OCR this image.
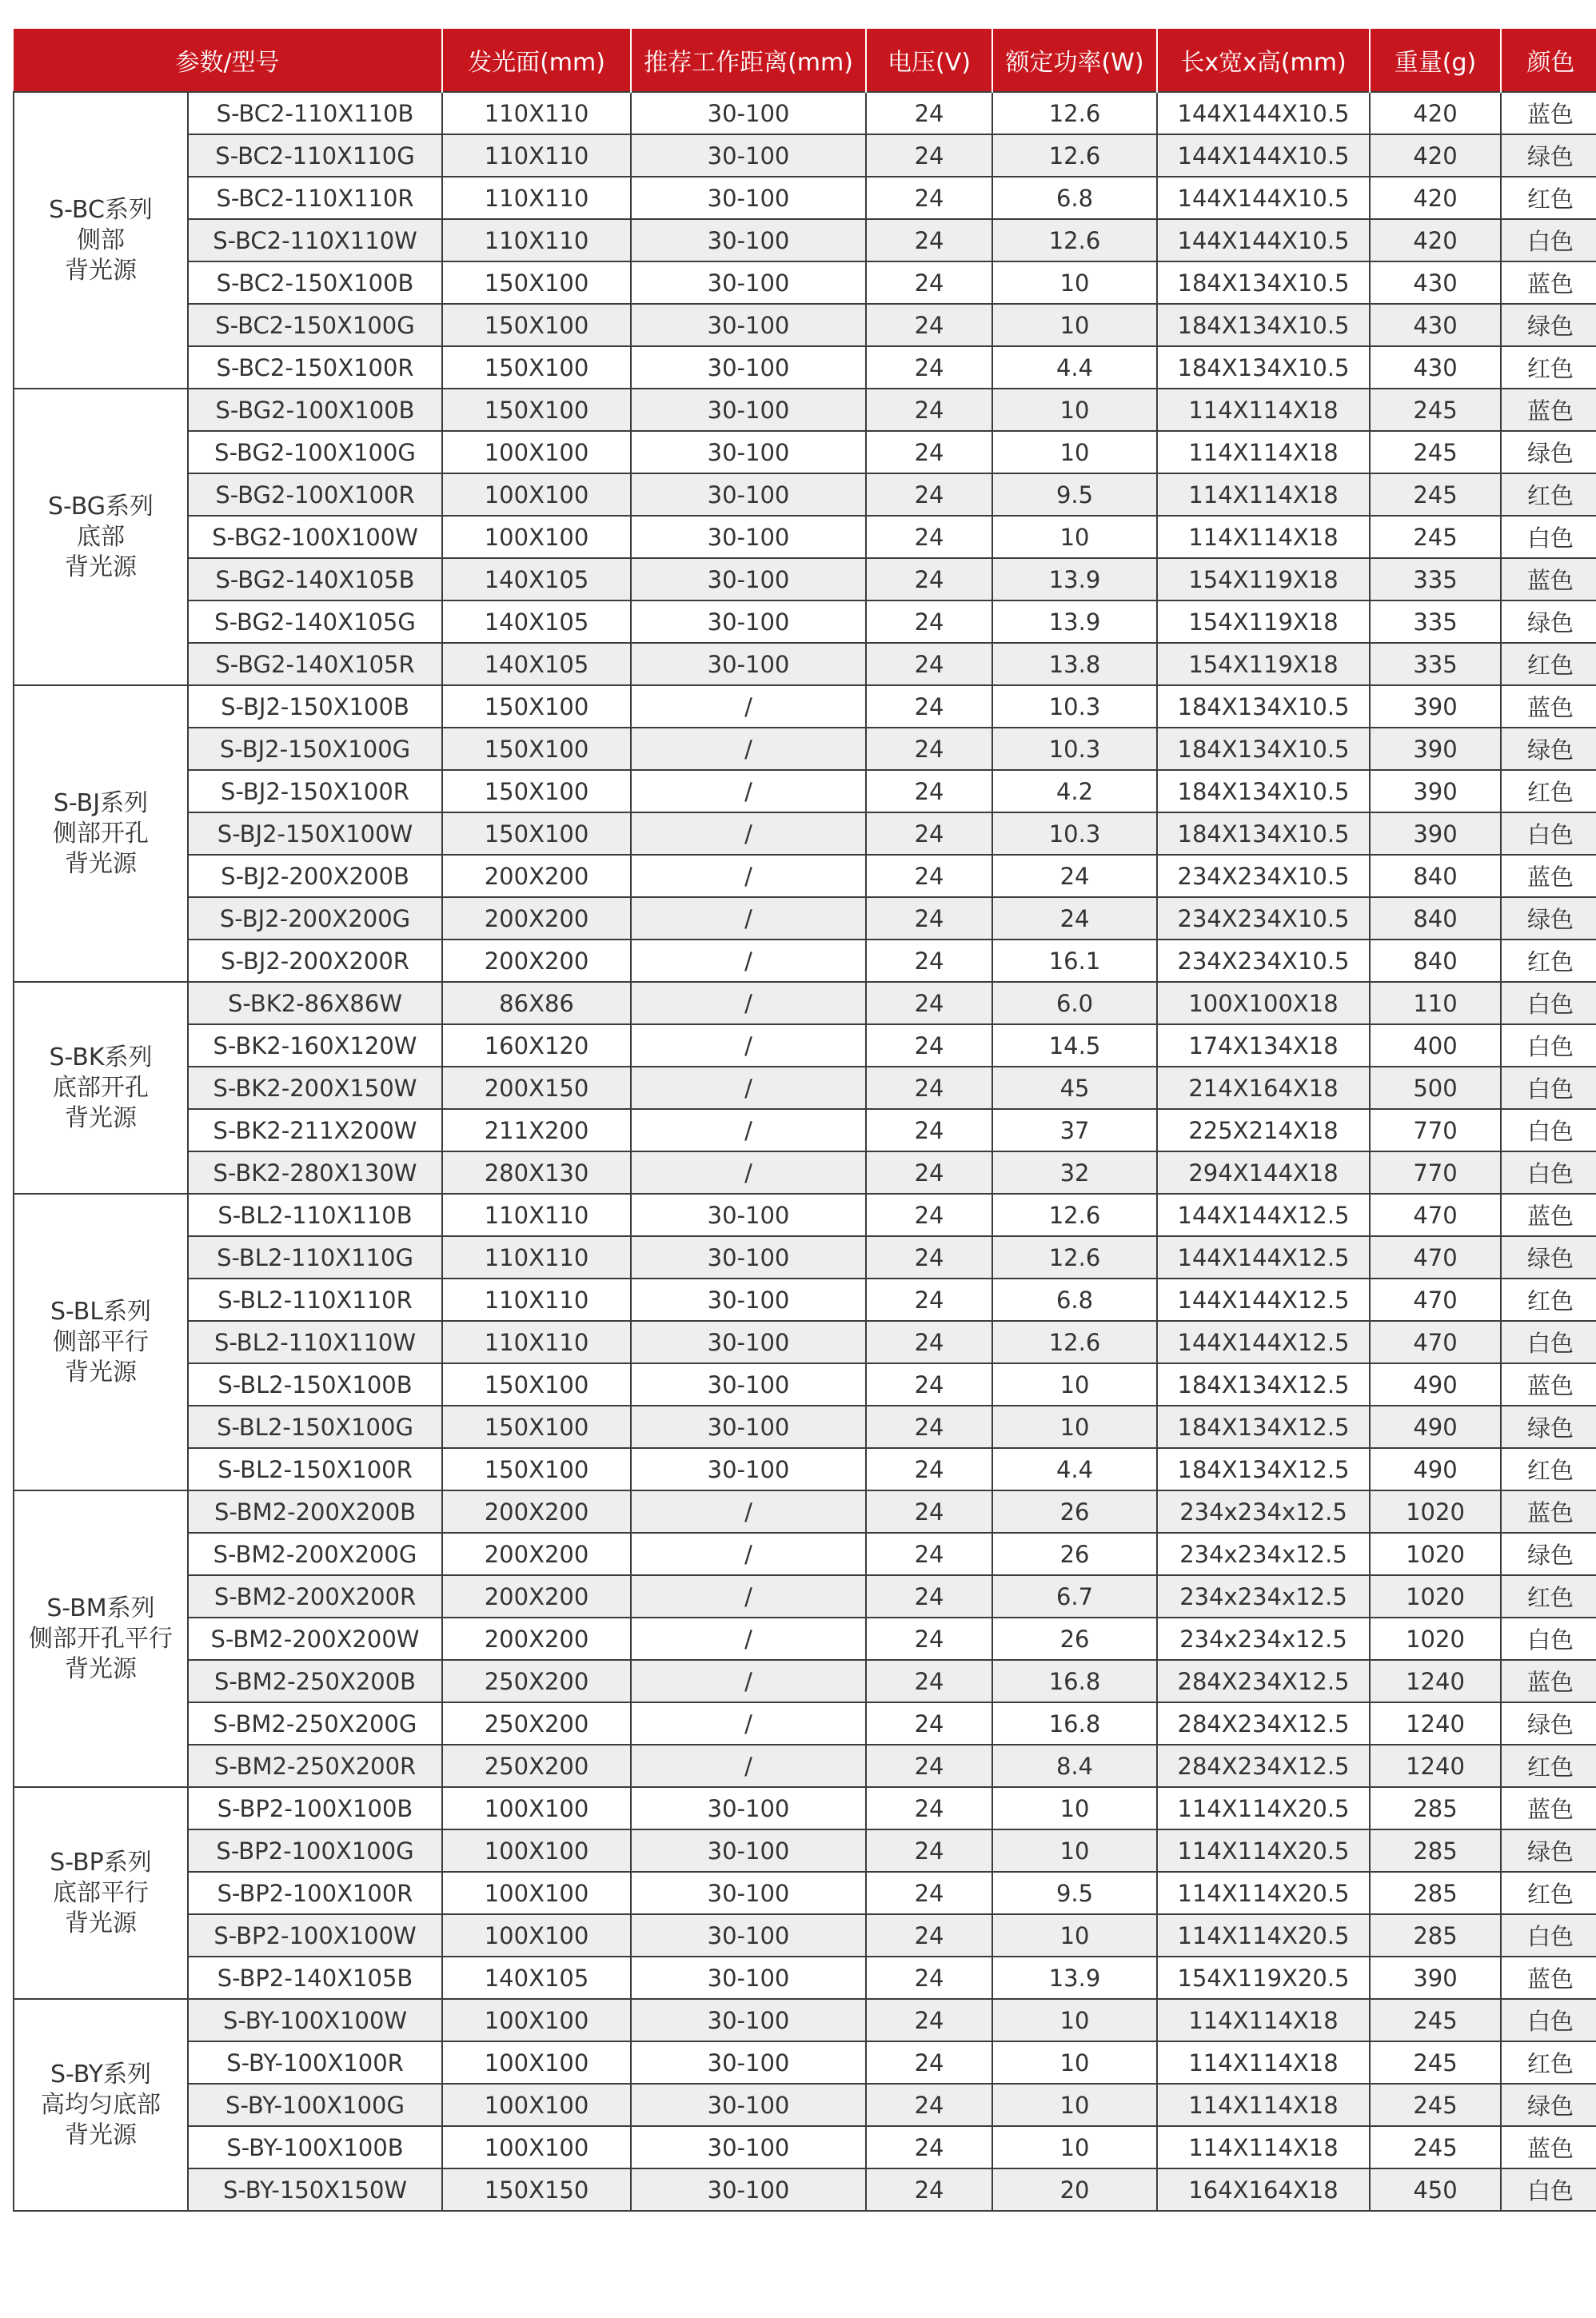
参数/型号		发光面(mm)	推荐工作距离(mm)	电压(V)	额定功率(W)	长x宽x高(mm)	重量(g)	颜色

S-BC系列
侧部
背光源	S-BC2-110X110B	110X110	30-100	24	12.6	144X144X10.5	420	蓝色
	S-BC2-110X110G	110X110	30-100	24	12.6	144X144X10.5	420	绿色
	S-BC2-110X110R	110X110	30-100	24	6.8	144X144X10.5	420	红色
	S-BC2-110X110W	110X110	30-100	24	12.6	144X144X10.5	420	白色
	S-BC2-150X100B	150X100	30-100	24	10	184X134X10.5	430	蓝色
	S-BC2-150X100G	150X100	30-100	24	10	184X134X10.5	430	绿色
	S-BC2-150X100R	150X100	30-100	24	4.4	184X134X10.5	430	红色

S-BG系列
底部
背光源	S-BG2-100X100B	150X100	30-100	24	10	114X114X18	245	蓝色
	S-BG2-100X100G	100X100	30-100	24	10	114X114X18	245	绿色
	S-BG2-100X100R	100X100	30-100	24	9.5	114X114X18	245	红色
	S-BG2-100X100W	100X100	30-100	24	10	114X114X18	245	白色
	S-BG2-140X105B	140X105	30-100	24	13.9	154X119X18	335	蓝色
	S-BG2-140X105G	140X105	30-100	24	13.9	154X119X18	335	绿色
	S-BG2-140X105R	140X105	30-100	24	13.8	154X119X18	335	红色

S-BJ系列
侧部开孔
背光源	S-BJ2-150X100B	150X100	/	24	10.3	184X134X10.5	390	蓝色
	S-BJ2-150X100G	150X100	/	24	10.3	184X134X10.5	390	绿色
	S-BJ2-150X100R	150X100	/	24	4.2	184X134X10.5	390	红色
	S-BJ2-150X100W	150X100	/	24	10.3	184X134X10.5	390	白色
	S-BJ2-200X200B	200X200	/	24	24	234X234X10.5	840	蓝色
	S-BJ2-200X200G	200X200	/	24	24	234X234X10.5	840	绿色
	S-BJ2-200X200R	200X200	/	24	16.1	234X234X10.5	840	红色

S-BK系列
底部开孔
背光源	S-BK2-86X86W	86X86	/	24	6.0	100X100X18	110	白色
	S-BK2-160X120W	160X120	/	24	14.5	174X134X18	400	白色
	S-BK2-200X150W	200X150	/	24	45	214X164X18	500	白色
	S-BK2-211X200W	211X200	/	24	37	225X214X18	770	白色
	S-BK2-280X130W	280X130	/	24	32	294X144X18	770	白色

S-BL系列
侧部平行
背光源	S-BL2-110X110B	110X110	30-100	24	12.6	144X144X12.5	470	蓝色
	S-BL2-110X110G	110X110	30-100	24	12.6	144X144X12.5	470	绿色
	S-BL2-110X110R	110X110	30-100	24	6.8	144X144X12.5	470	红色
	S-BL2-110X110W	110X110	30-100	24	12.6	144X144X12.5	470	白色
	S-BL2-150X100B	150X100	30-100	24	10	184X134X12.5	490	蓝色
	S-BL2-150X100G	150X100	30-100	24	10	184X134X12.5	490	绿色
	S-BL2-150X100R	150X100	30-100	24	4.4	184X134X12.5	490	红色

S-BM系列
侧部开孔平行
背光源	S-BM2-200X200B	200X200	/	24	26	234x234x12.5	1020	蓝色
	S-BM2-200X200G	200X200	/	24	26	234x234x12.5	1020	绿色
	S-BM2-200X200R	200X200	/	24	6.7	234x234x12.5	1020	红色
	S-BM2-200X200W	200X200	/	24	26	234x234x12.5	1020	白色
	S-BM2-250X200B	250X200	/	24	16.8	284X234X12.5	1240	蓝色
	S-BM2-250X200G	250X200	/	24	16.8	284X234X12.5	1240	绿色
	S-BM2-250X200R	250X200	/	24	8.4	284X234X12.5	1240	红色

S-BP系列
底部平行
背光源	S-BP2-100X100B	100X100	30-100	24	10	114X114X20.5	285	蓝色
	S-BP2-100X100G	100X100	30-100	24	10	114X114X20.5	285	绿色
	S-BP2-100X100R	100X100	30-100	24	9.5	114X114X20.5	285	红色
	S-BP2-100X100W	100X100	30-100	24	10	114X114X20.5	285	白色
	S-BP2-140X105B	140X105	30-100	24	13.9	154X119X20.5	390	蓝色

S-BY系列
高均匀底部
背光源	S-BY-100X100W	100X100	30-100	24	10	114X114X18	245	白色
	S-BY-100X100R	100X100	30-100	24	10	114X114X18	245	红色
	S-BY-100X100G	100X100	30-100	24	10	114X114X18	245	绿色
	S-BY-100X100B	100X100	30-100	24	10	114X114X18	245	蓝色
	S-BY-150X150W	150X150	30-100	24	20	164X164X18	450	白色
